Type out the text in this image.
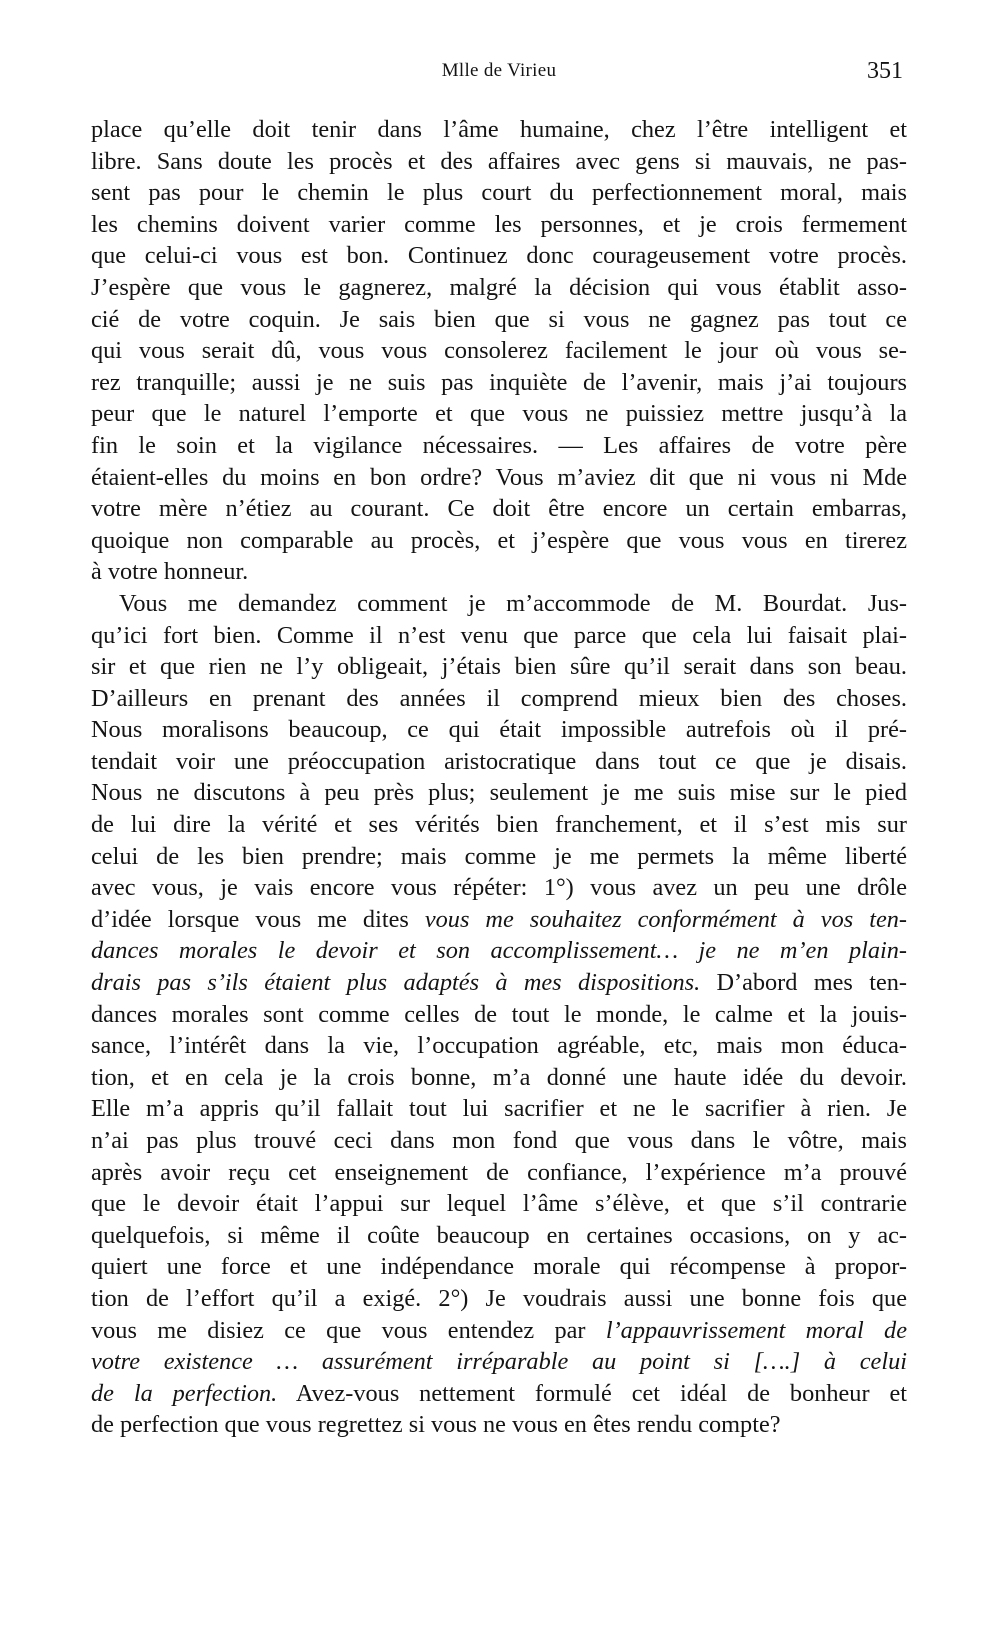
Mlle de Virieu	351
place qu’elle doit tenir dans l’âme humaine, chez l’être intelligent et
libre. Sans doute les procès et des affaires avec gens si mauvais, ne pas-
sent pas pour le chemin le plus court du perfectionnement moral, mais
les chemins doivent varier comme les personnes, et je crois fermement
que celui-ci vous est bon. Continuez donc courageusement votre procès.
J’espère que vous le gagnerez, malgré la décision qui vous établit asso-
cié de votre coquin. Je sais bien que si vous ne gagnez pas tout ce
qui vous serait dû, vous vous consolerez facilement le jour où vous se-
rez tranquille; aussi je ne suis pas inquiète de l’avenir, mais j’ai toujours
peur que le naturel l’emporte et que vous ne puissiez mettre jusqu’à la
fin le soin et la vigilance nécessaires. — Les affaires de votre père
étaient-elles du moins en bon ordre? Vous m’aviez dit que ni vous ni Mde
votre mère n’étiez au courant. Ce doit être encore un certain embarras,
quoique non comparable au procès, et j’espère que vous vous en tirerez
à votre honneur.
Vous me demandez comment je m’accommode de M. Bourdat. Jus-
qu’ici fort bien. Comme il n’est venu que parce que cela lui faisait plai-
sir et que rien ne l’y obligeait, j’étais bien sûre qu’il serait dans son beau.
D’ailleurs en prenant des années il comprend mieux bien des choses.
Nous moralisons beaucoup, ce qui était impossible autrefois où il pré-
tendait voir une préoccupation aristocratique dans tout ce que je disais.
Nous ne discutons à peu près plus; seulement je me suis mise sur le pied
de lui dire la vérité et ses vérités bien franchement, et il s’est mis sur
celui de les bien prendre; mais comme je me permets la même liberté
avec vous, je vais encore vous répéter: 1°) vous avez un peu une drôle
d’idée lorsque vous me dites vous me souhaitez conformément à vos ten-
dances morales le devoir et son accomplissement… je ne m’en plain-
drais pas s’ils étaient plus adaptés à mes dispositions. D’abord mes ten-
dances morales sont comme celles de tout le monde, le calme et la jouis-
sance, l’intérêt dans la vie, l’occupation agréable, etc, mais mon éduca-
tion, et en cela je la crois bonne, m’a donné une haute idée du devoir.
Elle m’a appris qu’il fallait tout lui sacrifier et ne le sacrifier à rien. Je
n’ai pas plus trouvé ceci dans mon fond que vous dans le vôtre, mais
après avoir reçu cet enseignement de confiance, l’expérience m’a prouvé
que le devoir était l’appui sur lequel l’âme s’élève, et que s’il contrarie
quelquefois, si même il coûte beaucoup en certaines occasions, on y ac-
quiert une force et une indépendance morale qui récompense à propor-
tion de l’effort qu’il a exigé. 2°) Je voudrais aussi une bonne fois que
vous me disiez ce que vous entendez par l’appauvrissement moral de
votre existence … assurément irréparable au point si [….] à celui
de la perfection. Avez-vous nettement formulé cet idéal de bonheur et
de perfection que vous regrettez si vous ne vous en êtes rendu compte?
